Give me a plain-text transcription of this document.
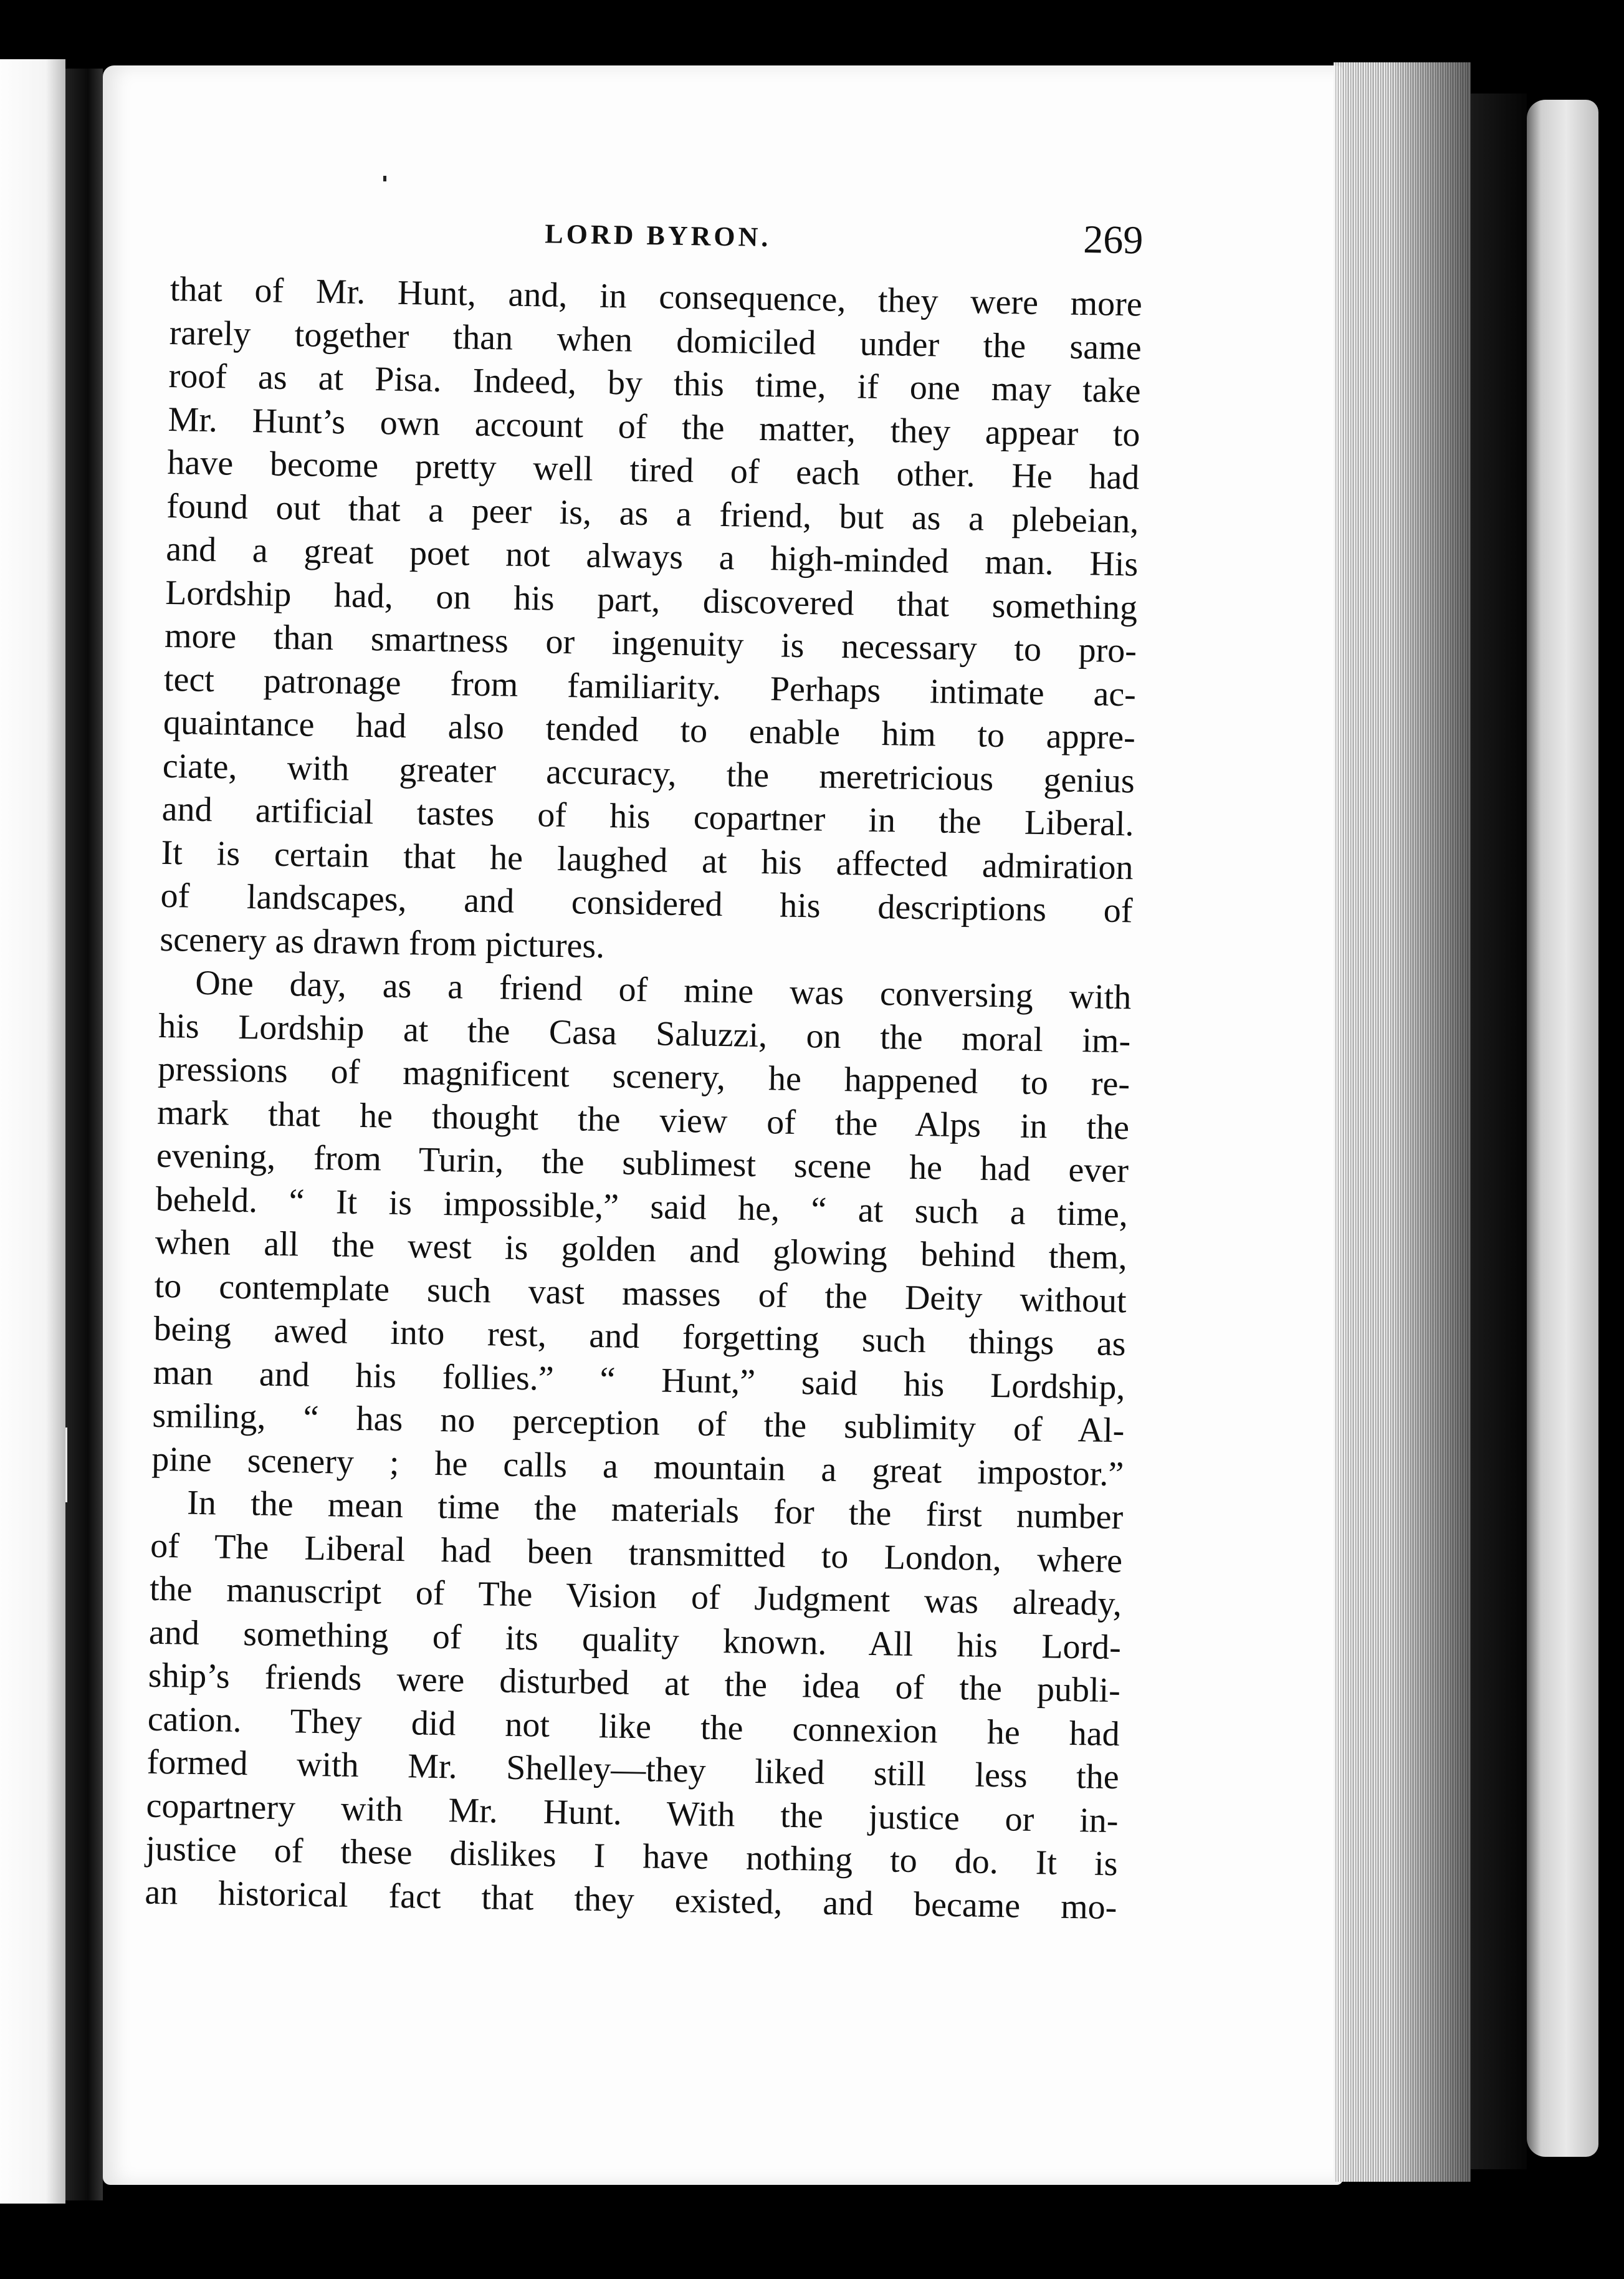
LORD BYRON.	269
that of Mr. Hunt, and, in consequence, they were more
rarely together than when domiciled under the same
roof as at Pisa. Indeed, by this time, if one may take
Mr. Hunt’s own account of the matter, they appear to
have become pretty well tired of each other. He had
found out that a peer is, as a friend, but as a plebeian,
and a great poet not always a high-minded man. His
Lordship had, on his part, discovered that something
more than smartness or ingenuity is necessary to pro-
tect patronage from familiarity. Perhaps intimate ac-
quaintance had also tended to enable him to appre-
ciate, with greater accuracy, the meretricious genius
and artificial tastes of his copartner in the Liberal.
It is certain that he laughed at his affected admiration
of landscapes, and considered his descriptions of
scenery as drawn from pictures.
One day, as a friend of mine was conversing with
his Lordship at the Casa Saluzzi, on the moral im-
pressions of magnificent scenery, he happened to re-
mark that he thought the view of the Alps in the
evening, from Turin, the sublimest scene he had ever
beheld. “ It is impossible,” said he, “ at such a time,
when all the west is golden and glowing behind them,
to contemplate such vast masses of the Deity without
being awed into rest, and forgetting such things as
man and his follies.” “ Hunt,” said his Lordship,
smiling, “ has no perception of the sublimity of Al-
pine scenery ; he calls a mountain a great impostor.”
In the mean time the materials for the first number
of The Liberal had been transmitted to London, where
the manuscript of The Vision of Judgment was already,
and something of its quality known. All his Lord-
ship’s friends were disturbed at the idea of the publi-
cation. They did not like the connexion he had
formed with Mr. Shelley—they liked still less the
copartnery with Mr. Hunt. With the justice or in-
justice of these dislikes I have nothing to do. It is
an historical fact that they existed, and became mo-
